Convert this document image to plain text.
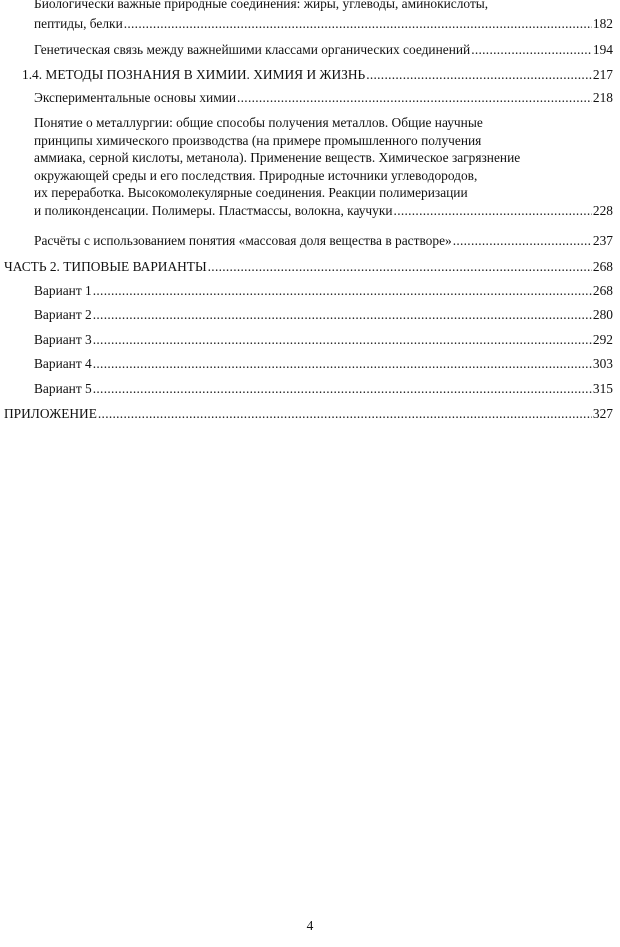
Биологически важные природные соединения: жиры, углеводы, аминокислоты,
пептиды, белки .....	182
Генетическая связь между важнейшими классами органических соединений .....	194
1.4. МЕТОДЫ ПОЗНАНИЯ В ХИМИИ. ХИМИЯ И ЖИЗНЬ .....	217
Экспериментальные основы химии .....	218
Понятие о металлургии: общие способы получения металлов. Общие научные
принципы химического производства (на примере промышленного получения
аммиака, серной кислоты, метанола). Применение веществ. Химическое загрязнение
окружающей среды и его последствия. Природные источники углеводородов,
их переработка. Высокомолекулярные соединения. Реакции полимеризации
и поликонденсации. Полимеры. Пластмассы, волокна, каучуки .....	228
Расчёты с использованием понятия «массовая доля вещества в растворе» .....	237
ЧАСТЬ 2. ТИПОВЫЕ ВАРИАНТЫ .....	268
Вариант 1 .....	268
Вариант 2 .....	280
Вариант 3 .....	292
Вариант 4 .....	303
Вариант 5 .....	315
ПРИЛОЖЕНИЕ .....	327
4
